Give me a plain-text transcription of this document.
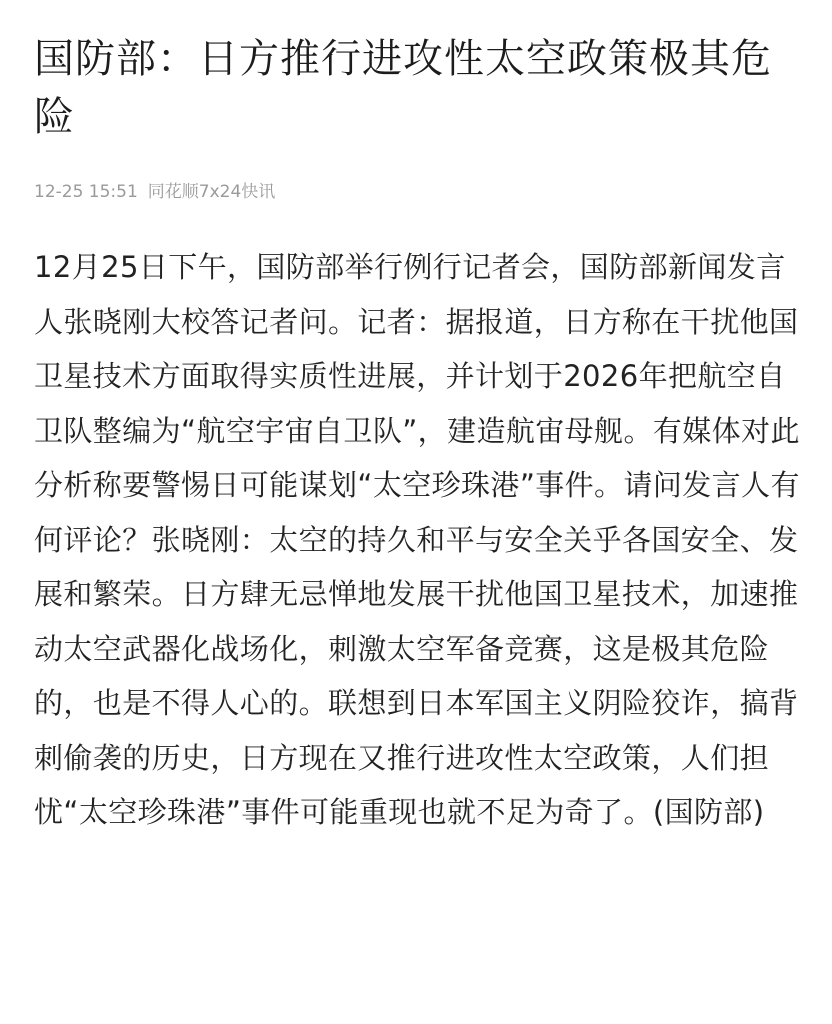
国防部：日方推行进攻性太空政策极其危险
12-25 15:51 同花顺7x24快讯
12月25日下午，国防部举行例行记者会，国防部新闻发言人张晓刚大校答记者问。记者：据报道，日方称在干扰他国卫星技术方面取得实质性进展，并计划于2026年把航空自卫队整编为“航空宇宙自卫队”，建造航宙母舰。有媒体对此分析称要警惕日可能谋划“太空珍珠港”事件。请问发言人有何评论？张晓刚：太空的持久和平与安全关乎各国安全、发展和繁荣。日方肆无忌惮地发展干扰他国卫星技术，加速推动太空武器化战场化，刺激太空军备竞赛，这是极其危险的，也是不得人心的。联想到日本军国主义阴险狡诈，搞背刺偷袭的历史，日方现在又推行进攻性太空政策，人们担忧“太空珍珠港”事件可能重现也就不足为奇了。(国防部)
